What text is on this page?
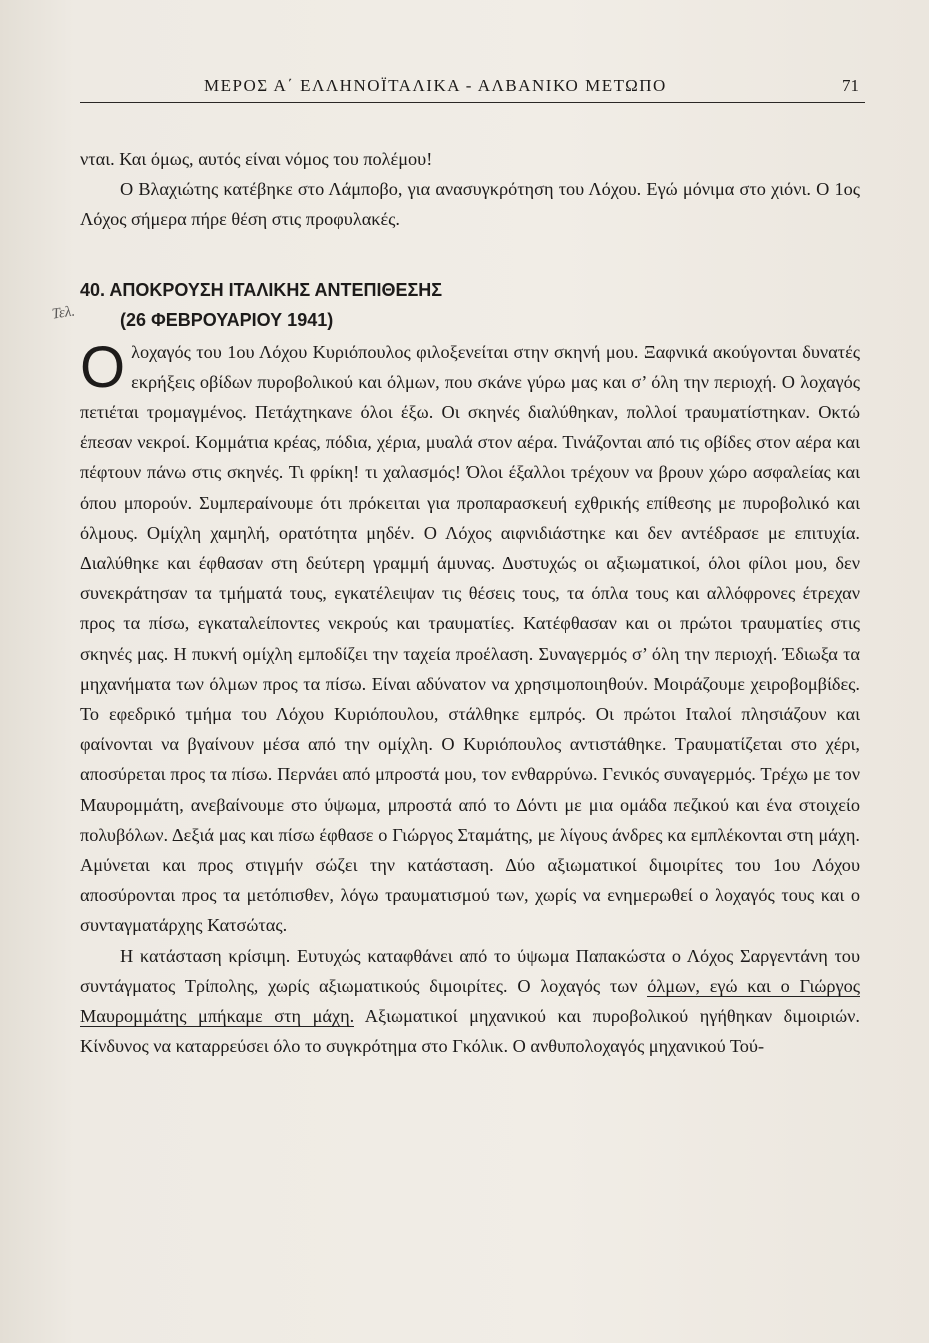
ΜΕΡΟΣ Α΄ ΕΛΛΗΝΟΪΤΑΛΙΚΑ - ΑΛΒΑΝΙΚΟ ΜΕΤΩΠΟ	71

νται. Και όμως, αυτός είναι νόμος του πολέμου!

Ο Βλαχιώτης κατέβηκε στο Λάμποβο, για ανασυγκρότηση του Λόχου. Εγώ μόνιμα στο χιόνι. Ο 1ος Λόχος σήμερα πήρε θέση στις προφυλακές.

40. ΑΠΟΚΡΟΥΣΗ ΙΤΑΛΙΚΗΣ ΑΝΤΕΠΙΘΕΣΗΣ

Τελ.	(26 ΦΕΒΡΟΥΑΡΙΟΥ 1941)

Ολοχαγός του 1ου Λόχου Κυριόπουλος φιλοξενείται στην σκηνή μου. Ξαφνικά ακούγονται δυνατές εκρήξεις οβίδων πυροβολικού και όλμων, που σκάνε γύρω μας και σ’ όλη την περιοχή. Ο λοχαγός πετιέται τρομαγμένος. Πετάχτηκανε όλοι έξω. Οι σκηνές διαλύθηκαν, πολλοί τραυματίστηκαν. Οκτώ έπεσαν νεκροί. Κομμάτια κρέας, πόδια, χέρια, μυαλά στον αέρα. Τινάζονται από τις οβίδες στον αέρα και πέφτουν πάνω στις σκηνές. Τι φρίκη! τι χαλασμός! Όλοι έξαλλοι τρέχουν να βρουν χώρο ασφαλείας και όπου μπορούν. Συμπεραίνουμε ότι πρόκειται για προπαρασκευή εχθρικής επίθεσης με πυροβολικό και όλμους. Ομίχλη χαμηλή, ορατότητα μηδέν. Ο Λόχος αιφνιδιάστηκε και δεν αντέδρασε με επιτυχία. Διαλύθηκε και έφθασαν στη δεύτερη γραμμή άμυνας. Δυστυχώς οι αξιωματικοί, όλοι φίλοι μου, δεν συνεκράτησαν τα τμήματά τους, εγκατέλειψαν τις θέσεις τους, τα όπλα τους και αλλόφρονες έτρεχαν προς τα πίσω, εγκαταλείποντες νεκρούς και τραυματίες. Κατέφθασαν και οι πρώτοι τραυματίες στις σκηνές μας. Η πυκνή ομίχλη εμποδίζει την ταχεία προέλαση. Συναγερμός σ’ όλη την περιοχή. Έδιωξα τα μηχανήματα των όλμων προς τα πίσω. Είναι αδύνατον να χρησιμοποιηθούν. Μοιράζουμε χειροβομβίδες. Το εφεδρικό τμήμα του Λόχου Κυριόπουλου, στάλθηκε εμπρός. Οι πρώτοι Ιταλοί πλησιάζουν και φαίνονται να βγαίνουν μέσα από την ομίχλη. Ο Κυριόπουλος αντιστάθηκε. Τραυματίζεται στο χέρι, αποσύρεται προς τα πίσω. Περνάει από μπροστά μου, τον ενθαρρύνω. Γενικός συναγερμός. Τρέχω με τον Μαυρομμάτη, ανεβαίνουμε στο ύψωμα, μπροστά από το Δόντι με μια ομάδα πεζικού και ένα στοιχείο πολυβόλων. Δεξιά μας και πίσω έφθασε ο Γιώργος Σταμάτης, με λίγους άνδρες κα εμπλέκονται στη μάχη. Αμύνεται και προς στιγμήν σώζει την κατάσταση. Δύο αξιωματικοί διμοιρίτες του 1ου Λόχου αποσύρονται προς τα μετόπισθεν, λόγω τραυματισμού των, χωρίς να ενημερωθεί ο λοχαγός τους και ο συνταγματάρχης Κατσώτας.

Η κατάσταση κρίσιμη. Ευτυχώς καταφθάνει από το ύψωμα Παπακώστα ο Λόχος Σαργεντάνη του συντάγματος Τρίπολης, χωρίς αξιωματικούς διμοιρίτες. Ο λοχαγός των όλμων, εγώ και ο Γιώργος Μαυρομμάτης μπήκαμε στη μάχη. Αξιωματικοί μηχανικού και πυροβολικού ηγήθηκαν διμοιριών. Κίνδυνος να καταρρεύσει όλο το συγκρότημα στο Γκόλικ. Ο ανθυπολοχαγός μηχανικού Τού-
